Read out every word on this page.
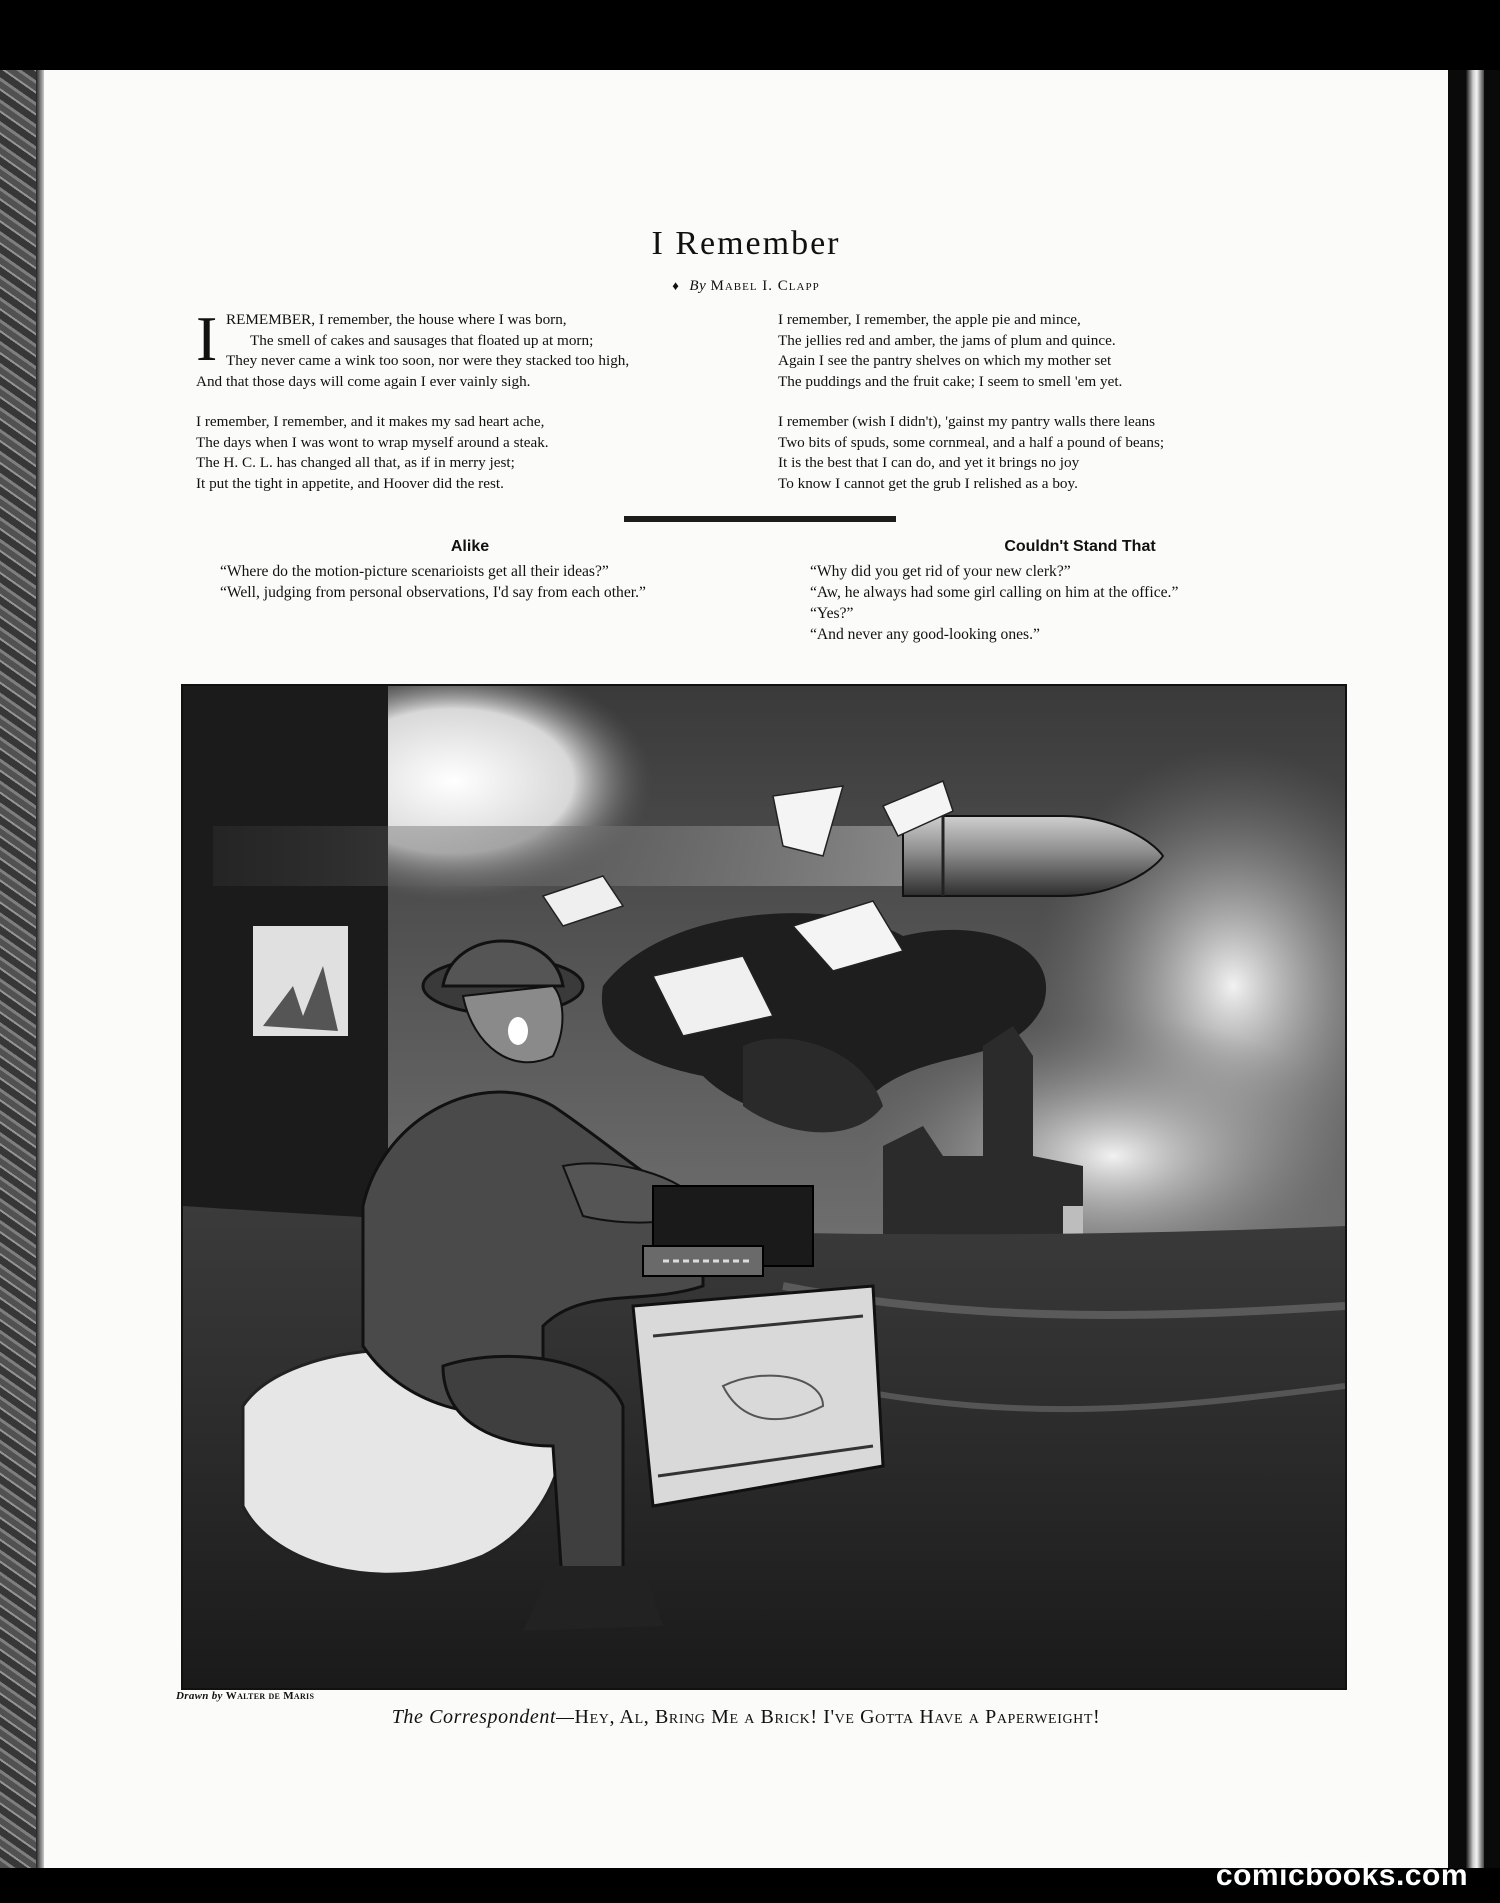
I Remember
♦ By Mabel I. Clapp
I REMEMBER, I remember, the house where I was born,
The smell of cakes and sausages that floated up at morn;
They never came a wink too soon, nor were they stacked too high,
And that those days will come again I ever vainly sigh.
I remember, I remember, and it makes my sad heart ache,
The days when I was wont to wrap myself around a steak.
The H. C. L. has changed all that, as if in merry jest;
It put the tight in appetite, and Hoover did the rest.
I remember, I remember, the apple pie and mince,
The jellies red and amber, the jams of plum and quince.
Again I see the pantry shelves on which my mother set
The puddings and the fruit cake; I seem to smell 'em yet.
I remember (wish I didn't), 'gainst my pantry walls there leans
Two bits of spuds, some cornmeal, and a half a pound of beans;
It is the best that I can do, and yet it brings no joy
To know I cannot get the grub I relished as a boy.
Alike

“Where do the motion-picture scenarioists get all their ideas?”

“Well, judging from personal observations, I'd say from each other.”

Couldn't Stand That

“Why did you get rid of your new clerk?”

“Aw, he always had some girl calling on him at the office.”

“Yes?”

“And never any good-looking ones.”

Drawn by Walter de Maris
The Correspondent—Hey, Al, Bring Me a Brick! I've Gotta Have a Paperweight!
comicbooks.com
